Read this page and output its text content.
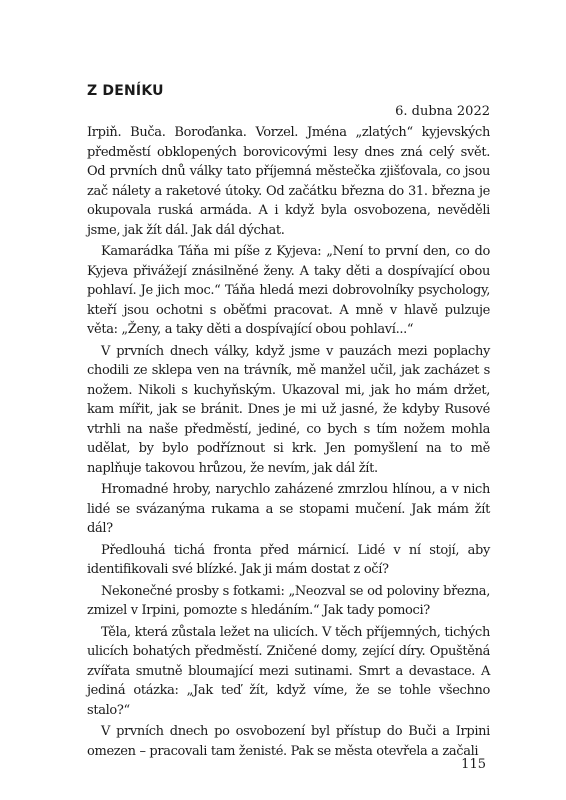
Z DENÍKU
6. dubna 2022

Irpiň. Buča. Boroďanka. Vorzel. Jména „zlatých“ kyjevských předměstí obklopených borovicovými lesy dnes zná celý svět. Od prvních dnů války tato příjemná městečka zjišťovala, co jsou zač nálety a raketové útoky. Od začátku března do 31. března je okupovala ruská armáda. A i když byla osvobozena, nevěděli jsme, jak žít dál. Jak dál dýchat.

Kamarádka Táňa mi píše z Kyjeva: „Není to první den, co do Kyjeva přivážejí znásilněné ženy. A taky děti a dospívající obou pohlaví. Je jich moc.“ Táňa hledá mezi dobrovolníky psychology, kteří jsou ochotni s oběťmi pracovat. A mně v hlavě pulzuje věta: „Ženy, a taky děti a dospívající obou pohlaví...“

V prvních dnech války, když jsme v pauzách mezi poplachy chodili ze sklepa ven na trávník, mě manžel učil, jak zacházet s nožem. Nikoli s kuchyňským. Ukazoval mi, jak ho mám držet, kam mířit, jak se bránit. Dnes je mi už jasné, že kdyby Rusové vtrhli na naše předměstí, jediné, co bych s tím nožem mohla udělat, by bylo podříznout si krk. Jen pomyšlení na to mě naplňuje takovou hrůzou, že nevím, jak dál žít.

Hromadné hroby, narychlo zaházené zmrzlou hlínou, a v nich lidé se svázanýma rukama a se stopami mučení. Jak mám žít dál?

Předlouhá tichá fronta před márnicí. Lidé v ní stojí, aby identifikovali své blízké. Jak ji mám dostat z očí?

Nekonečné prosby s fotkami: „Neozval se od poloviny března, zmizel v Irpini, pomozte s hledáním.“ Jak tady pomoci?

Těla, která zůstala ležet na ulicích. V těch příjemných, tichých ulicích bohatých předměstí. Zničené domy, zející díry. Opuštěná zvířata smutně bloumající mezi sutinami. Smrt a devastace. A jediná otázka: „Jak teď žít, když víme, že se tohle všechno stalo?“

V prvních dnech po osvobození byl přístup do Buči a Irpini omezen – pracovali tam ženisté. Pak se města otevřela a začali

115
